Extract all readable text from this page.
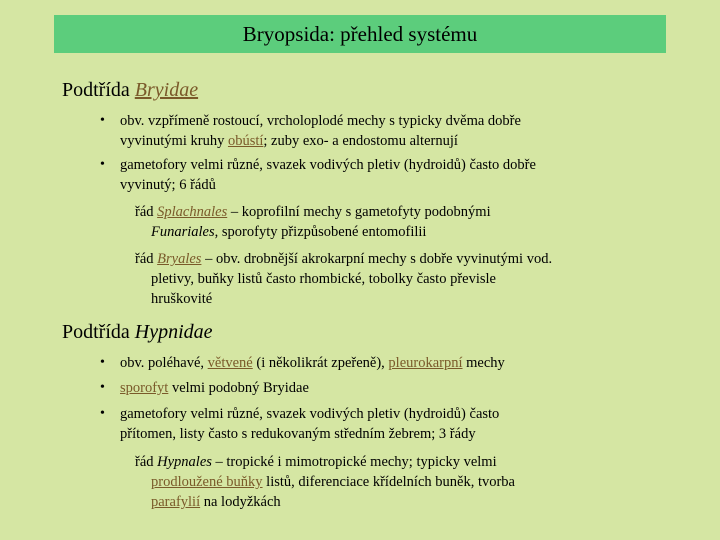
Bryopsida: přehled systému
Podtřída Bryidae
•	obv. vzpřímeně rostoucí, vrcholoplodé mechy s typicky dvěma dobře
vyvinutými kruhy obústí; zuby exo- a endostomu alternují
•	gametofory velmi různé, svazek vodivých pletiv (hydroidů) často dobře
vyvinutý; 6 řádů
řád Splachnales – koprofilní mechy s gametofyty podobnými
Funariales, sporofyty přizpůsobené entomofilii
řád Bryales – obv. drobnější akrokarpní mechy s dobře vyvinutými vod.
pletivy, buňky listů často rhombické, tobolky často převisle
hruškovité
Podtřída Hypnidae
•	obv. poléhavé, větvené (i několikrát zpeřeně), pleurokarpní mechy
•	sporofyt velmi podobný Bryidae
•	gametofory velmi různé, svazek vodivých pletiv (hydroidů) často
přítomen, listy často s redukovaným středním žebrem; 3 řády
řád Hypnales – tropické i mimotropické mechy; typicky velmi
prodloužené buňky listů, diferenciace křídelních buněk, tvorba
parafylií na lodyžkách
